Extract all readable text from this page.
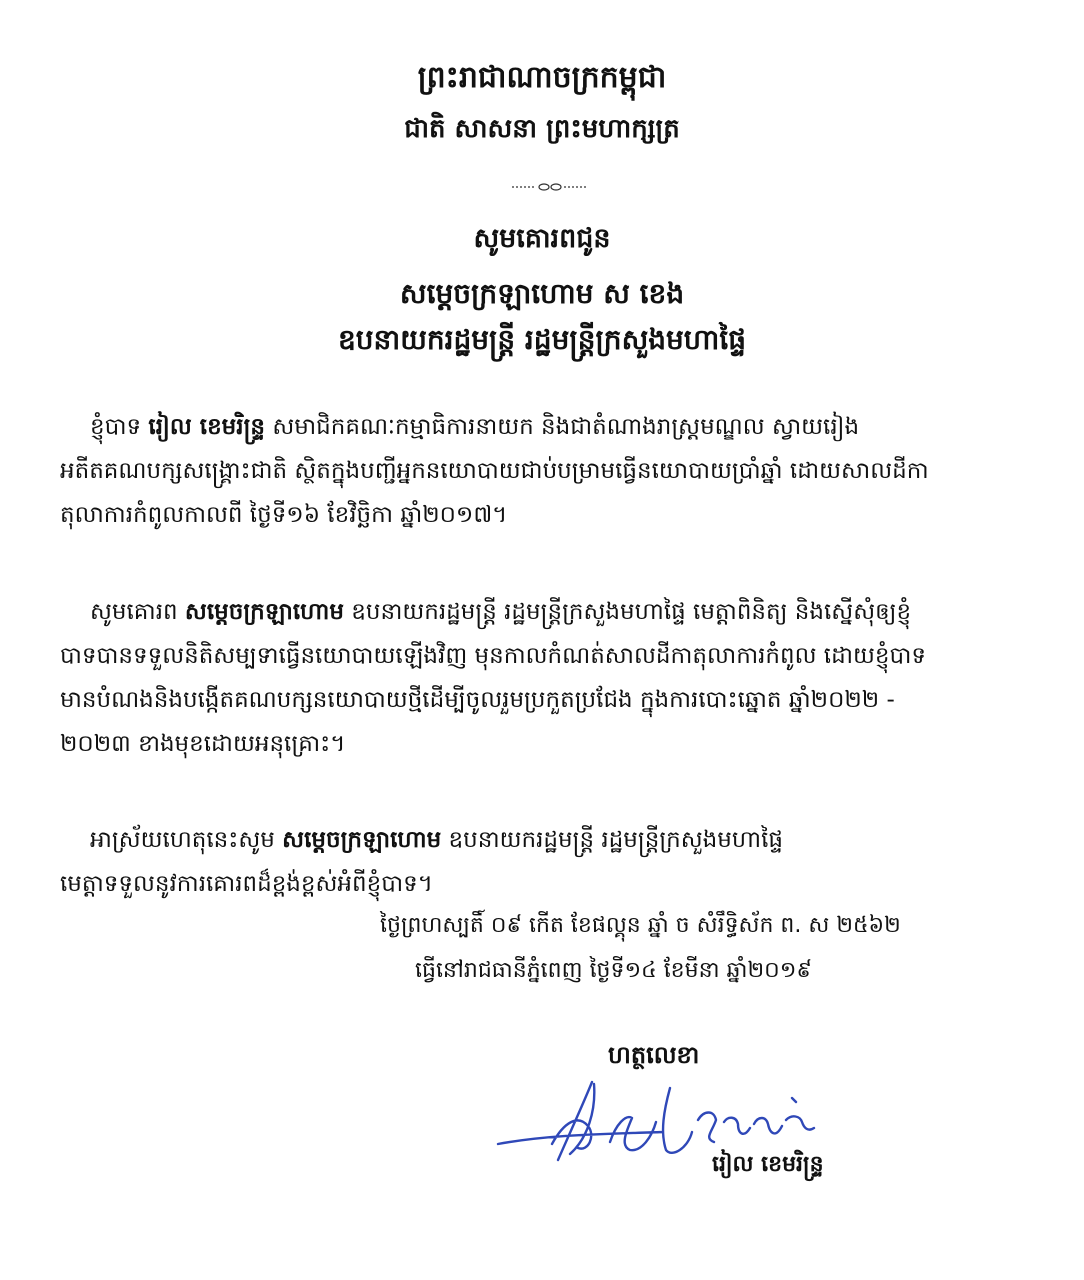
ព្រះរាជាណាចក្រកម្ពុជា
ជាតិ សាសនា ព្រះមហាក្សត្រ
សូមគោរពជូន
សម្តេចក្រឡាហោម ស ខេង
ឧបនាយករដ្ឋមន្ត្រី រដ្ឋមន្ត្រីក្រសួងមហាផ្ទៃ
ខ្ញុំបាទ រៀល ខេមរិន្ទ្រ សមាជិកគណៈកម្មាធិការនាយក និងជាតំណាងរាស្ត្រមណ្ឌល ស្វាយរៀង
អតីតគណបក្សសង្គ្រោះជាតិ ស្ថិតក្នុងបញ្ជីអ្នកនយោបាយជាប់បម្រាមធ្វើនយោបាយប្រាំឆ្នាំ ដោយសាលដីកា
តុលាការកំពូលកាលពី ថ្ងៃទី១៦ ខែវិច្ឆិកា ឆ្នាំ២០១៧។
សូមគោរព សម្តេចក្រឡាហោម ឧបនាយករដ្ឋមន្ត្រី រដ្ឋមន្ត្រីក្រសួងមហាផ្ទៃ មេត្តាពិនិត្យ និងស្នើសុំឲ្យខ្ញុំ
បាទបានទទួលនិតិសម្បទាធ្វើនយោបាយឡើងវិញ មុនកាលកំណត់សាលដីកាតុលាការកំពូល ដោយខ្ញុំបាទ
មានបំណងនិងបង្កើតគណបក្សនយោបាយថ្មីដើម្បីចូលរួមប្រកួតប្រជែង ក្នុងការបោះឆ្នោត ឆ្នាំ២០២២ -
២០២៣ ខាងមុខដោយអនុគ្រោះ។
អាស្រ័យហេតុនេះសូម សម្តេចក្រឡាហោម ឧបនាយករដ្ឋមន្ត្រី រដ្ឋមន្ត្រីក្រសួងមហាផ្ទៃ
មេត្តាទទួលនូវការគោរពដ៏ខ្ពង់ខ្ពស់អំពីខ្ញុំបាទ។
ថ្ងៃព្រហស្បតិ៍ ០៩ កើត ខែផល្គុន ឆ្នាំ ច សំរឹទ្ធិស័ក ព. ស ២៥៦២
ធ្វើនៅរាជធានីភ្នំពេញ ថ្ងៃទី១៤ ខែមីនា ឆ្នាំ២០១៩
ហត្ថលេខា
រៀល ខេមរិន្ទ្រ
